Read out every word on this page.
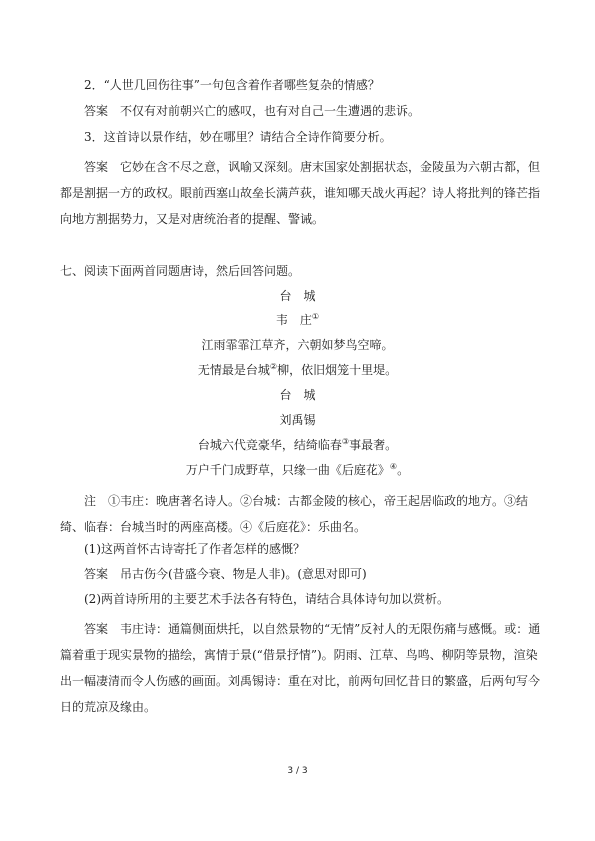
2．“人世几回伤往事”一句包含着作者哪些复杂的情感？

答案　不仅有对前朝兴亡的感叹，也有对自己一生遭遇的悲诉。

3．这首诗以景作结，妙在哪里？请结合全诗作简要分析。

答案　它妙在含不尽之意，讽喻又深刻。唐末国家处割据状态，金陵虽为六朝古都，但都是割据一方的政权。眼前西塞山故垒长满芦荻，谁知哪天战火再起？诗人将批判的锋芒指向地方割据势力，又是对唐统治者的提醒、警诫。

七、阅读下面两首同题唐诗，然后回答问题。

台　城
韦　庄①
江雨霏霏江草齐，六朝如梦鸟空啼。
无情最是台城②柳，依旧烟笼十里堤。
台　城
刘禹锡
台城六代竞豪华，结绮临春③事最奢。
万户千门成野草，只缘一曲《后庭花》④。

注　①韦庄：晚唐著名诗人。②台城：古都金陵的核心，帝王起居临政的地方。③结绮、临春：台城当时的两座高楼。④《后庭花》：乐曲名。

(1)这两首怀古诗寄托了作者怎样的感慨？

答案　吊古伤今(昔盛今衰、物是人非)。(意思对即可)

(2)两首诗所用的主要艺术手法各有特色，请结合具体诗句加以赏析。

答案　韦庄诗：通篇侧面烘托，以自然景物的“无情”反衬人的无限伤痛与感慨。或：通篇着重于现实景物的描绘，寓情于景(“借景抒情”)。阴雨、江草、鸟鸣、柳阴等景物，渲染出一幅凄清而令人伤感的画面。刘禹锡诗：重在对比，前两句回忆昔日的繁盛，后两句写今日的荒凉及缘由。

3 / 3
